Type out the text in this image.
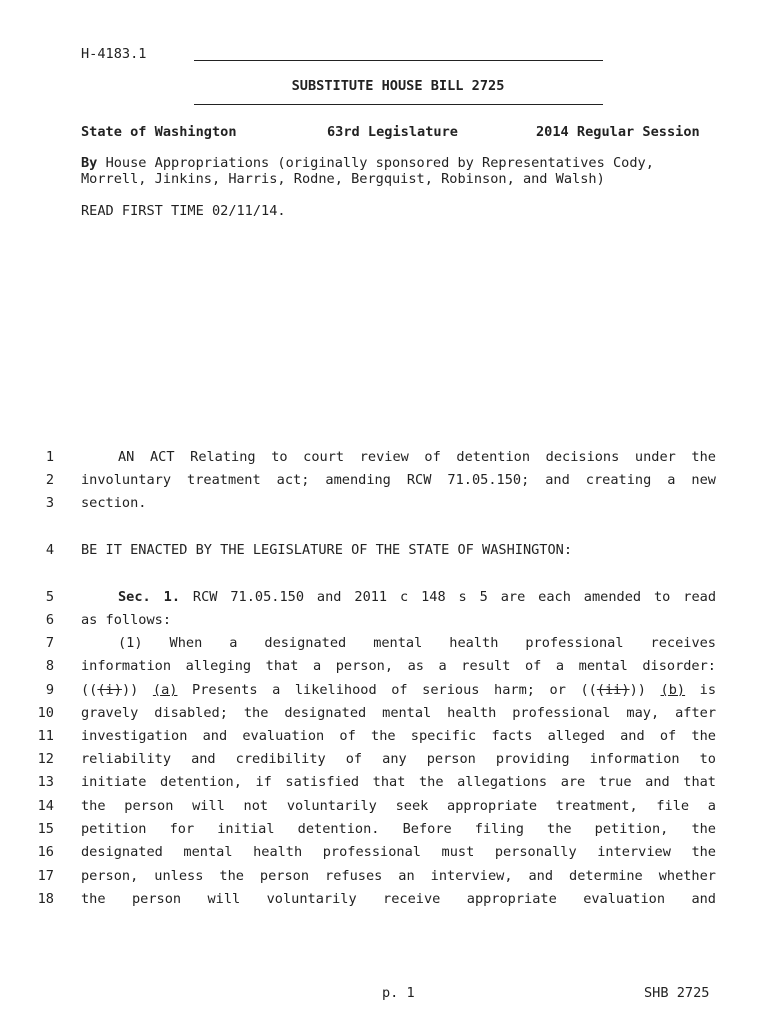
H-4183.1
SUBSTITUTE HOUSE BILL 2725
State of Washington	63rd Legislature	2014 Regular Session
By House Appropriations (originally sponsored by Representatives Cody,
Morrell, Jinkins, Harris, Rodne, Bergquist, Robinson, and Walsh)
READ FIRST TIME 02/11/14.
1
2
3
4
5
6
7
8
9
10
11
12
13
14
15
16
17
18
AN ACT Relating to court review of detention decisions under the
involuntary treatment act; amending RCW 71.05.150; and creating a new
section.
BE IT ENACTED BY THE LEGISLATURE OF THE STATE OF WASHINGTON:
Sec. 1. RCW 71.05.150 and 2011 c 148 s 5 are each amended to read
as follows:
(1) When a designated mental health professional receives
information alleging that a person, as a result of a mental disorder:
(((i))) (a) Presents a likelihood of serious harm; or (((ii))) (b) is
gravely disabled; the designated mental health professional may, after
investigation and evaluation of the specific facts alleged and of the
reliability and credibility of any person providing information to
initiate detention, if satisfied that the allegations are true and that
the person will not voluntarily seek appropriate treatment, file a
petition for initial detention. Before filing the petition, the
designated mental health professional must personally interview the
person, unless the person refuses an interview, and determine whether
the person will voluntarily receive appropriate evaluation and
p. 1	SHB 2725
